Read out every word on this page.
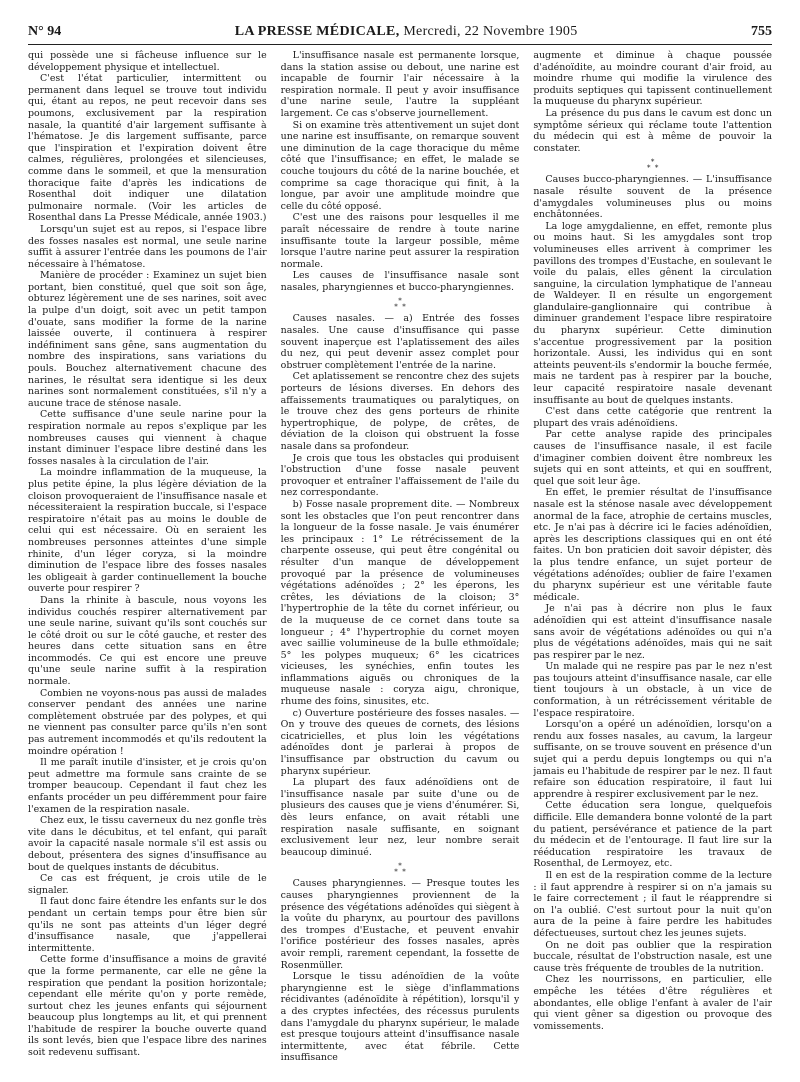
N° 94	LA PRESSE MÉDICALE, Mercredi, 22 Novembre 1905	755

qui possède une si fâcheuse influence sur le développement physique et intellectuel.

C'est l'état particulier, intermittent ou permanent dans lequel se trouve tout individu qui, étant au repos, ne peut recevoir dans ses poumons, exclusivement par la respiration nasale, la quantité d'air largement suffisante à l'hématose. Je dis largement suffisante, parce que l'inspiration et l'expiration doivent être calmes, régulières, prolongées et silencieuses, comme dans le sommeil, et que la mensuration thoracique faite d'après les indications de Rosenthal doit indiquer une dilatation pulmonaire normale. (Voir les articles de Rosenthal dans La Presse Médicale, année 1903.)

Lorsqu'un sujet est au repos, si l'espace libre des fosses nasales est normal, une seule narine suffit à assurer l'entrée dans les poumons de l'air nécessaire à l'hématose.

Manière de procéder : Examinez un sujet bien portant, bien constitué, quel que soit son âge, obturez légèrement une de ses narines, soit avec la pulpe d'un doigt, soit avec un petit tampon d'ouate, sans modifier la forme de la narine laissée ouverte, il continuera à respirer indéfiniment sans gêne, sans augmentation du nombre des inspirations, sans variations du pouls. Bouchez alternativement chacune des narines, le résultat sera identique si les deux narines sont normalement constituées, s'il n'y a aucune trace de sténose nasale.

Cette suffisance d'une seule narine pour la respiration normale au repos s'explique par les nombreuses causes qui viennent à chaque instant diminuer l'espace libre destiné dans les fosses nasales à la circulation de l'air.

La moindre inflammation de la muqueuse, la plus petite épine, la plus légère déviation de la cloison provoqueraient de l'insuffisance nasale et nécessiteraient la respiration buccale, si l'espace respiratoire n'était pas au moins le double de celui qui est nécessaire. Où en seraient les nombreuses personnes atteintes d'une simple rhinite, d'un léger coryza, si la moindre diminution de l'espace libre des fosses nasales les obligeait à garder continuellement la bouche ouverte pour respirer ?

Dans la rhinite à bascule, nous voyons les individus couchés respirer alternativement par une seule narine, suivant qu'ils sont couchés sur le côté droit ou sur le côté gauche, et rester des heures dans cette situation sans en être incommodés. Ce qui est encore une preuve qu'une seule narine suffit à la respiration normale.

Combien ne voyons-nous pas aussi de malades conserver pendant des années une narine complètement obstruée par des polypes, et qui ne viennent pas consulter parce qu'ils n'en sont pas autrement incommodés et qu'ils redoutent la moindre opération !

Il me paraît inutile d'insister, et je crois qu'on peut admettre ma formule sans crainte de se tromper beaucoup. Cependant il faut chez les enfants procéder un peu différemment pour faire l'examen de la respiration nasale.

Chez eux, le tissu caverneux du nez gonfle très vite dans le décubitus, et tel enfant, qui paraît avoir la capacité nasale normale s'il est assis ou debout, présentera des signes d'insuffisance au bout de quelques instants de décubitus.

Ce cas est fréquent, je crois utile de le signaler.

Il faut donc faire étendre les enfants sur le dos pendant un certain temps pour être bien sûr qu'ils ne sont pas atteints d'un léger degré d'insuffisance nasale, que j'appellerai intermittente.

Cette forme d'insuffisance a moins de gravité que la forme permanente, car elle ne gêne la respiration que pendant la position horizontale; cependant elle mérite qu'on y porte remède, surtout chez les jeunes enfants qui séjournent beaucoup plus longtemps au lit, et qui prennent l'habitude de respirer la bouche ouverte quand ils sont levés, bien que l'espace libre des narines soit redevenu suffisant.

L'insuffisance nasale est permanente lorsque, dans la station assise ou debout, une narine est incapable de fournir l'air nécessaire à la respiration normale. Il peut y avoir insuffisance d'une narine seule, l'autre la suppléant largement. Ce cas s'observe journellement.

Si on examine très attentivement un sujet dont une narine est insuffisante, on remarque souvent une diminution de la cage thoracique du même côté que l'insuffisance; en effet, le malade se couche toujours du côté de la narine bouchée, et comprime sa cage thoracique qui finit, à la longue, par avoir une amplitude moindre que celle du côté opposé.

C'est une des raisons pour lesquelles il me paraît nécessaire de rendre à toute narine insuffisante toute la largeur possible, même lorsque l'autre narine peut assurer la respiration normale.

Les causes de l'insuffisance nasale sont nasales, pharyngiennes et bucco-pharyngiennes.

*
*  *

Causes nasales. — a) Entrée des fosses nasales. Une cause d'insuffisance qui passe souvent inaperçue est l'aplatissement des ailes du nez, qui peut devenir assez complet pour obstruer complètement l'entrée de la narine.

Cet aplatissement se rencontre chez des sujets porteurs de lésions diverses. En dehors des affaissements traumatiques ou paralytiques, on le trouve chez des gens porteurs de rhinite hypertrophique, de polype, de crêtes, de déviation de la cloison qui obstruent la fosse nasale dans sa profondeur.

Je crois que tous les obstacles qui produisent l'obstruction d'une fosse nasale peuvent provoquer et entraîner l'affaissement de l'aile du nez correspondante.

b) Fosse nasale proprement dite. — Nombreux sont les obstacles que l'on peut rencontrer dans la longueur de la fosse nasale. Je vais énumérer les principaux : 1° Le rétrécissement de la charpente osseuse, qui peut être congénital ou résulter d'un manque de développement provoqué par la présence de volumineuses végétations adénoïdes ; 2° les éperons, les crêtes, les déviations de la cloison; 3° l'hypertrophie de la tête du cornet inférieur, ou de la muqueuse de ce cornet dans toute sa longueur ; 4° l'hypertrophie du cornet moyen avec saillie volumineuse de la bulle ethmoïdale; 5° les polypes muqueux; 6° les cicatrices vicieuses, les synéchies, enfin toutes les inflammations aiguës ou chroniques de la muqueuse nasale : coryza aigu, chronique, rhume des foins, sinusites, etc.

c) Ouverture postérieure des fosses nasales. — On y trouve des queues de cornets, des lésions cicatricielles, et plus loin les végétations adénoïdes dont je parlerai à propos de l'insuffisance par obstruction du cavum ou pharynx supérieur.

La plupart des faux adénoïdiens ont de l'insuffisance nasale par suite d'une ou de plusieurs des causes que je viens d'énumérer. Si, dès leurs enfance, on avait rétabli une respiration nasale suffisante, en soignant exclusivement leur nez, leur nombre serait beaucoup diminué.

*
*  *

Causes pharyngiennes. — Presque toutes les causes pharyngiennes proviennent de la présence des végétations adénoïdes qui siègent à la voûte du pharynx, au pourtour des pavillons des trompes d'Eustache, et peuvent envahir l'orifice postérieur des fosses nasales, après avoir rempli, rarement cependant, la fossette de Rosenmüller.

Lorsque le tissu adénoïdien de la voûte pharyngienne est le siège d'inflammations récidivantes (adénoïdite à répétition), lorsqu'il y a des cryptes infectées, des récessus purulents dans l'amygdale du pharynx supérieur, le malade est presque toujours atteint d'insuffisance nasale intermittente, avec état fébrile. Cette insuffisance

augmente et diminue à chaque poussée d'adénoïdite, au moindre courant d'air froid, au moindre rhume qui modifie la virulence des produits septiques qui tapissent continuellement la muqueuse du pharynx supérieur.

La présence du pus dans le cavum est donc un symptôme sérieux qui réclame toute l'attention du médecin qui est à même de pouvoir la constater.

*
*  *

Causes bucco-pharyngiennes. — L'insuffisance nasale résulte souvent de la présence d'amygdales volumineuses plus ou moins enchâtonnées.

La loge amygdalienne, en effet, remonte plus ou moins haut. Si les amygdales sont trop volumineuses elles arrivent à comprimer les pavillons des trompes d'Eustache, en soulevant le voile du palais, elles gênent la circulation sanguine, la circulation lymphatique de l'anneau de Waldeyer. Il en résulte un engorgement glandulaire-ganglionnaire qui contribue à diminuer grandement l'espace libre respiratoire du pharynx supérieur. Cette diminution s'accentue progressivement par la position horizontale. Aussi, les individus qui en sont atteints peuvent-ils s'endormir la bouche fermée, mais ne tardent pas à respirer par la bouche, leur capacité respiratoire nasale devenant insuffisante au bout de quelques instants.

C'est dans cette catégorie que rentrent la plupart des vrais adénoïdiens.

Par cette analyse rapide des principales causes de l'insuffisance nasale, il est facile d'imaginer combien doivent être nombreux les sujets qui en sont atteints, et qui en souffrent, quel que soit leur âge.

En effet, le premier résultat de l'insuffisance nasale est la sténose nasale avec développement anormal de la face, atrophie de certains muscles, etc. Je n'ai pas à décrire ici le facies adénoïdien, après les descriptions classiques qui en ont été faites. Un bon praticien doit savoir dépister, dès la plus tendre enfance, un sujet porteur de végétations adénoïdes; oublier de faire l'examen du pharynx supérieur est une véritable faute médicale.

Je n'ai pas à décrire non plus le faux adénoïdien qui est atteint d'insuffisance nasale sans avoir de végétations adénoïdes ou qui n'a plus de végétations adénoïdes, mais qui ne sait pas respirer par le nez.

Un malade qui ne respire pas par le nez n'est pas toujours atteint d'insuffisance nasale, car elle tient toujours à un obstacle, à un vice de conformation, à un rétrécissement véritable de l'espace respiratoire.

Lorsqu'on a opéré un adénoïdien, lorsqu'on a rendu aux fosses nasales, au cavum, la largeur suffisante, on se trouve souvent en présence d'un sujet qui a perdu depuis longtemps ou qui n'a jamais eu l'habitude de respirer par le nez. Il faut refaire son éducation respiratoire, il faut lui apprendre à respirer exclusivement par le nez.

Cette éducation sera longue, quelquefois difficile. Elle demandera bonne volonté de la part du patient, persévérance et patience de la part du médecin et de l'entourage. Il faut lire sur la rééducation respiratoire les travaux de Rosenthal, de Lermoyez, etc.

Il en est de la respiration comme de la lecture : il faut apprendre à respirer si on n'a jamais su le faire correctement ; il faut le réapprendre si on l'a oublié. C'est surtout pour la nuit qu'on aura de la peine à faire perdre les habitudes défectueuses, surtout chez les jeunes sujets.

On ne doit pas oublier que la respiration buccale, résultat de l'obstruction nasale, est une cause très fréquente de troubles de la nutrition.

Chez les nourrissons, en particulier, elle empêche les tétées d'être régulières et abondantes, elle oblige l'enfant à avaler de l'air qui vient gêner sa digestion ou provoque des vomissements.
